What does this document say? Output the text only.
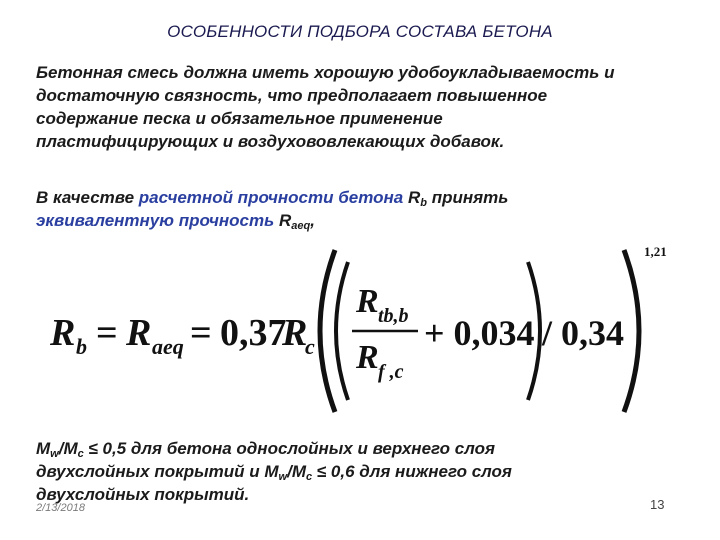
ОСОБЕННОСТИ ПОДБОРА СОСТАВА БЕТОНА
Бетонная смесь должна иметь хорошую удобоукладываемость и
достаточную связность, что предполагает повышенное
содержание песка и обязательное применение
пластифицирующих и воздухововлекающих добавок.
В качестве расчетной прочности бетона $R_b$ принять
эквивалентную прочность $R_{aeq}$,
R b = R aeq = 0,37
R
c
R tb,b
R f ,c
+ 0,034 / 0,34
1,21
$M_w/M_c \le 0,5$ для бетона однослойных и верхнего слоя
двухслойных покрытий и $M_w/M_c \le 0,6$ для нижнего слоя
двухслойных покрытий.
2/13/2018	13
